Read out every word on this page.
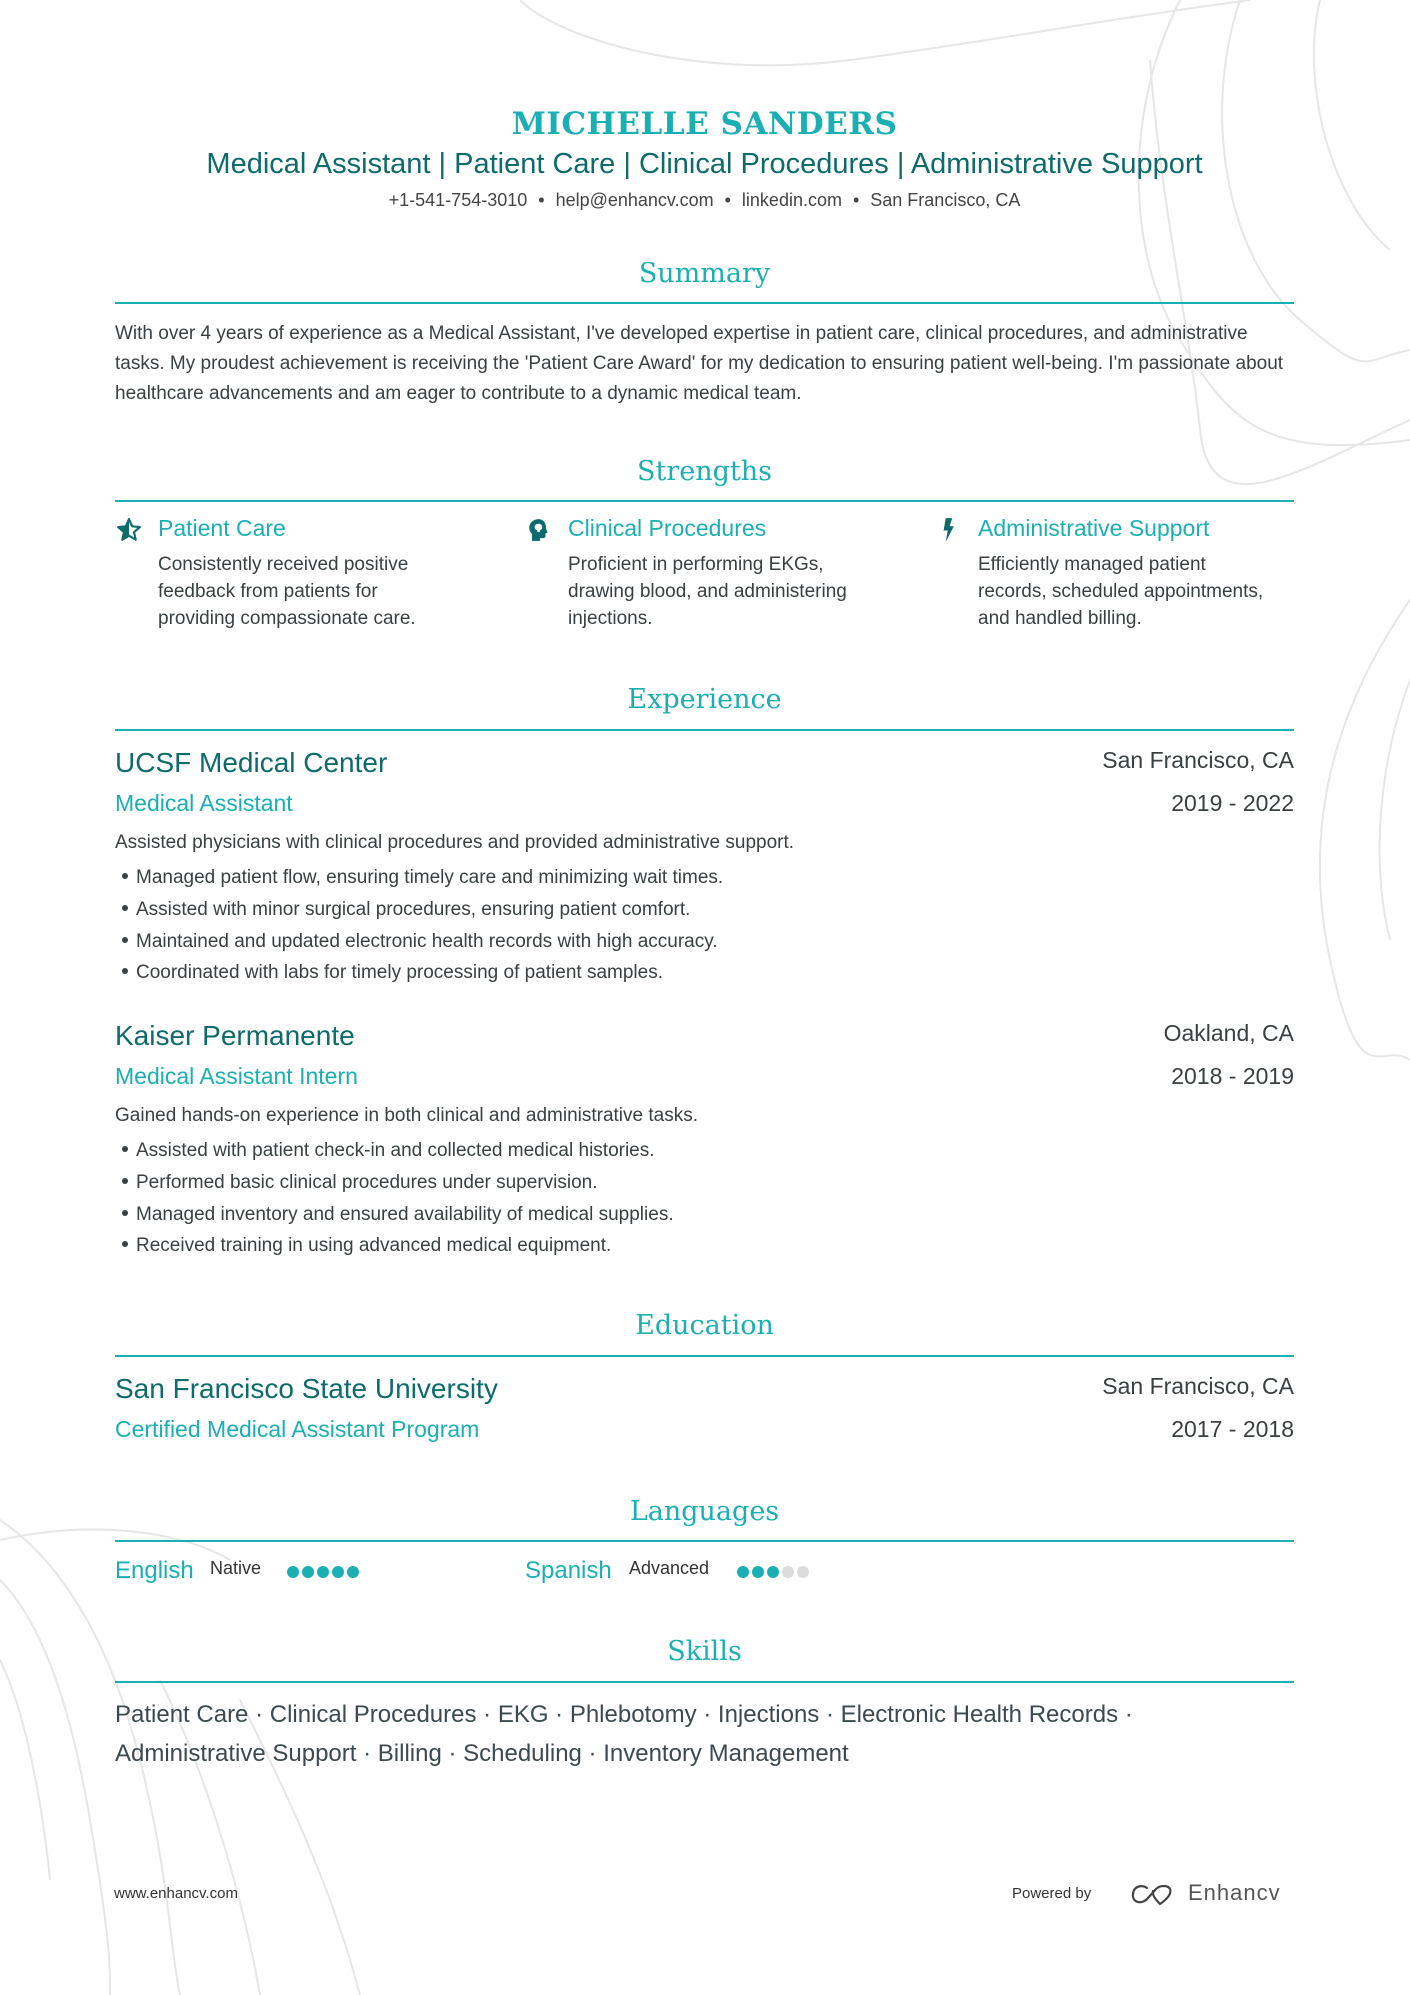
MICHELLE SANDERS
Medical Assistant | Patient Care | Clinical Procedures | Administrative Support
+1-541-754-3010 • help@enhancv.com • linkedin.com • San Francisco, CA
Summary
With over 4 years of experience as a Medical Assistant, I've developed expertise in patient care, clinical procedures, and administrative tasks. My proudest achievement is receiving the 'Patient Care Award' for my dedication to ensuring patient well-being. I'm passionate about healthcare advancements and am eager to contribute to a dynamic medical team.
Strengths
Patient Care
Consistently received positive feedback from patients for providing compassionate care.
Clinical Procedures
Proficient in performing EKGs, drawing blood, and administering injections.
Administrative Support
Efficiently managed patient records, scheduled appointments, and handled billing.
Experience
UCSF Medical Center	San Francisco, CA
Medical Assistant	2019 - 2022
Assisted physicians with clinical procedures and provided administrative support.
Managed patient flow, ensuring timely care and minimizing wait times.
Assisted with minor surgical procedures, ensuring patient comfort.
Maintained and updated electronic health records with high accuracy.
Coordinated with labs for timely processing of patient samples.
Kaiser Permanente	Oakland, CA
Medical Assistant Intern	2018 - 2019
Gained hands-on experience in both clinical and administrative tasks.
Assisted with patient check-in and collected medical histories.
Performed basic clinical procedures under supervision.
Managed inventory and ensured availability of medical supplies.
Received training in using advanced medical equipment.
Education
San Francisco State University	San Francisco, CA
Certified Medical Assistant Program	2017 - 2018
Languages
English Native	Spanish Advanced
Skills
Patient Care · Clinical Procedures · EKG · Phlebotomy · Injections · Electronic Health Records ·
Administrative Support · Billing · Scheduling · Inventory Management
www.enhancv.com	Powered by	Enhancv
